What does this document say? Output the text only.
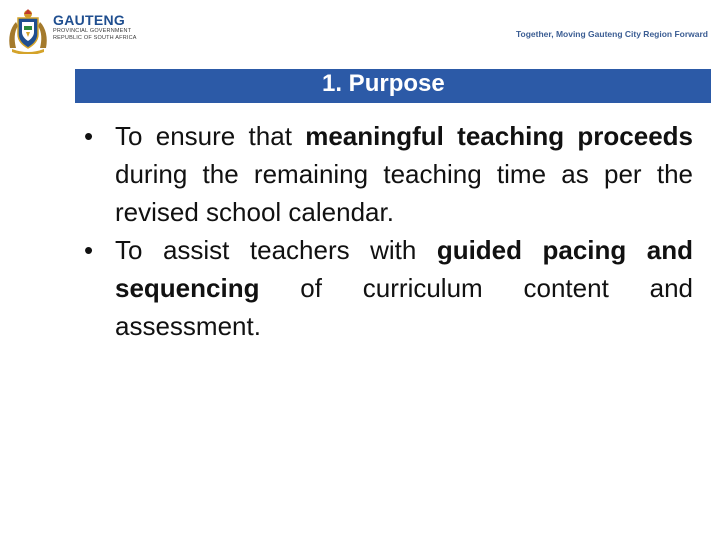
GAUTENG
PROVINCIAL GOVERNMENT
REPUBLIC OF SOUTH AFRICA	Together, Moving Gauteng City Region Forward
1. Purpose
• To ensure that meaningful teaching proceeds during the remaining teaching time as per the revised school calendar.
• To assist teachers with guided pacing and sequencing of curriculum content and assessment.
